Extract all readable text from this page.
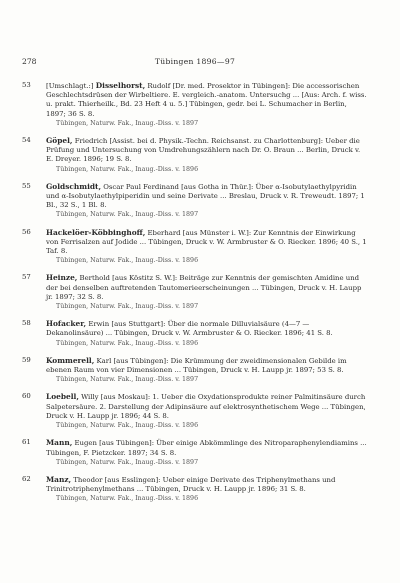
278	Tübingen 1896—97
53	[Umschlagt.:] Disselhorst, Rudolf [Dr. med. Prosektor in Tübingen]: Die accessorischen Geschlechtsdrüsen der Wirbeltiere. E. vergleich.-anatom. Untersuchg ... [Aus: Arch. f. wiss. u. prakt. Thierheilk., Bd. 23 Heft 4 u. 5.] Tübingen, gedr. bei L. Schumacher in Berlin, 1897; 36 S. 8.
Tübingen, Naturw. Fak., Inaug.-Diss. v. 1897
54	Göpel, Friedrich [Assist. bei d. Physik.-Techn. Reichsanst. zu Charlottenburg]: Ueber die Prüfung und Untersuchung von Umdrehungszählern nach Dr. O. Braun ... Berlin, Druck v. E. Dreyer. 1896; 19 S. 8.
Tübingen, Naturw. Fak., Inaug.-Diss. v. 1896
55	Goldschmidt, Oscar Paul Ferdinand [aus Gotha in Thür.]: Über α-Isobutylaethylpyridin und α-Isobutylaethylpiperidin und seine Derivate ... Breslau, Druck v. R. Treweudt. 1897; 1 Bl., 32 S., 1 Bl. 8.
Tübingen, Naturw. Fak., Inaug.-Diss. v. 1897
56	Hackelöer-Köbbinghoff, Eberhard [aus Münster i. W.]: Zur Kenntnis der Einwirkung von Ferrisalzen auf Jodide ... Tübingen, Druck v. W. Armbruster & O. Riecker. 1896; 40 S., 1 Taf. 8.
Tübingen, Naturw. Fak., Inaug.-Diss. v. 1896
57	Heinze, Berthold [aus Köstitz S. W.]: Beiträge zur Kenntnis der gemischten Amidine und der bei denselben auftretenden Tautomerieerscheinungen ... Tübingen, Druck v. H. Laupp jr. 1897; 32 S. 8.
Tübingen, Naturw. Fak., Inaug.-Diss. v. 1897
58	Hofacker, Erwin [aus Stuttgart]: Über die normale Dilluvialsäure (4—7 — Dekanolinsäure) ... Tübingen, Druck v. W. Armbruster & O. Riecker. 1896; 41 S. 8.
Tübingen, Naturw. Fak., Inaug.-Diss. v. 1896
59	Kommerell, Karl [aus Tübingen]: Die Krümmung der zweidimensionalen Gebilde im ebenen Raum von vier Dimensionen ... Tübingen, Druck v. H. Laupp jr. 1897; 53 S. 8.
Tübingen, Naturw. Fak., Inaug.-Diss. v. 1897
60	Loebell, Willy [aus Moskau]: 1. Ueber die Oxydationsprodukte reiner Palmitinsäure durch Salpetersäure. 2. Darstellung der Adipinsäure auf elektrosynthetischem Wege ... Tübingen, Druck v. H. Laupp jr. 1896; 44 S. 8.
Tübingen, Naturw. Fak., Inaug.-Diss. v. 1896
61	Mann, Eugen [aus Tübingen]: Über einige Abkömmlinge des Nitroparaphenylendiamins ... Tübingen, F. Pietzcker. 1897; 34 S. 8.
Tübingen, Naturw. Fak., Inaug.-Diss. v. 1897
62	Manz, Theodor [aus Esslingen]: Ueber einige Derivate des Triphenylmethans und Trinitrotriphenylmethans ... Tübingen, Druck v. H. Laupp jr. 1896; 31 S. 8.
Tübingen, Naturw. Fak., Inaug.-Diss. v. 1896
